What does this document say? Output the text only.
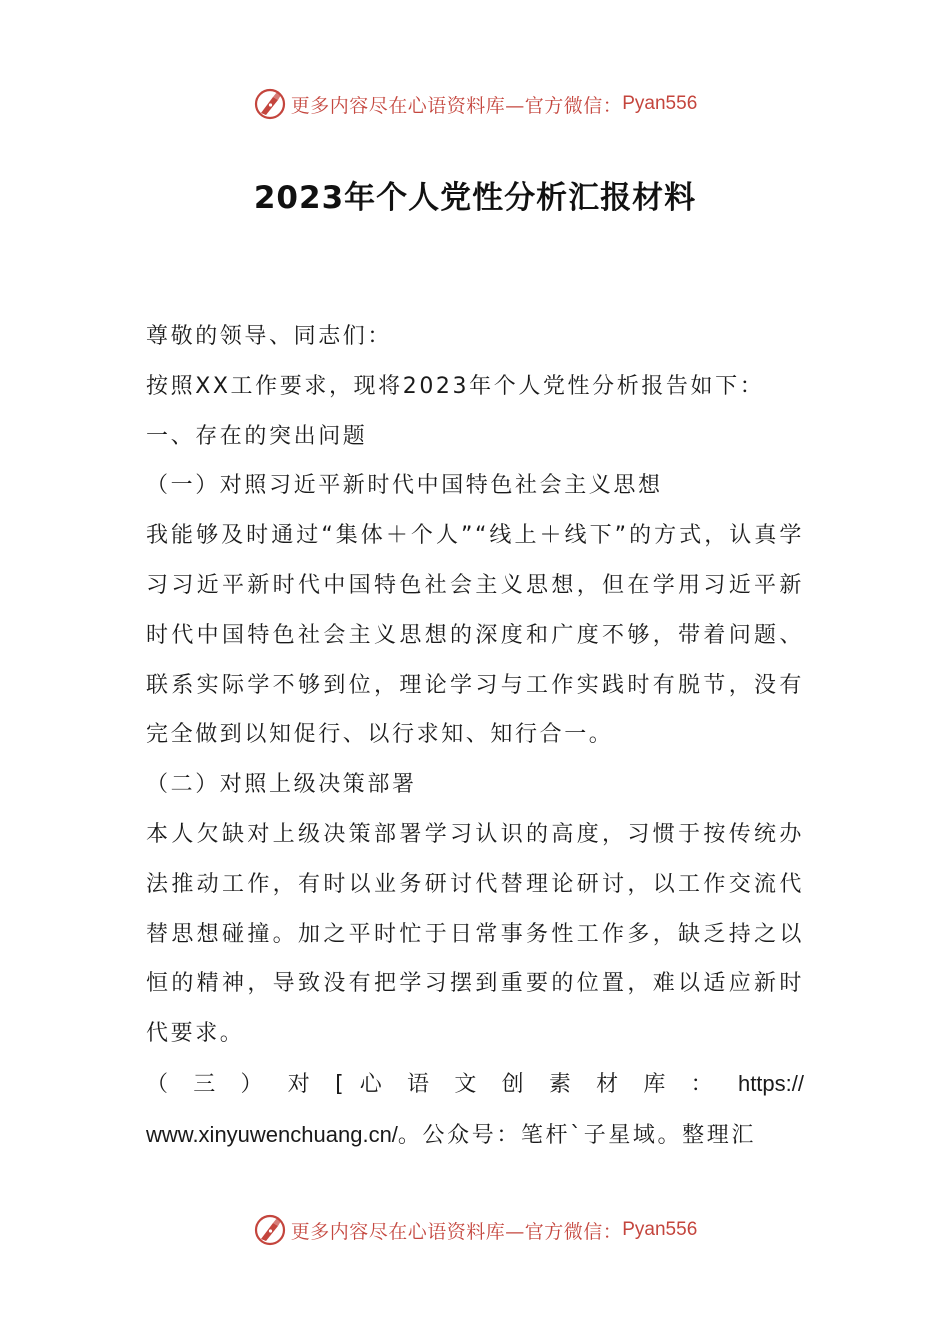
更多内容尽在心语资料库—官方微信： Pyan556
2023年个人党性分析汇报材料

尊敬的领导、同志们：

按照XX工作要求，现将2023年个人党性分析报告如下：

一、存在的突出问题

（一）对照习近平新时代中国特色社会主义思想

我能够及时通过“集体＋个人”“线上＋线下”的方式，认真学习习近平新时代中国特色社会主义思想，但在学用习近平新时代中国特色社会主义思想的深度和广度不够，带着问题、联系实际学不够到位，理论学习与工作实践时有脱节，没有完全做到以知促行、以行求知、知行合一。

（二）对照上级决策部署

本人欠缺对上级决策部署学习认识的高度，习惯于按传统办法推动工作，有时以业务研讨代替理论研讨，以工作交流代替思想碰撞。加之平时忙于日常事务性工作多，缺乏持之以恒的精神，导致没有把学习摆到重要的位置，难以适应新时代要求。

（ 三 ） 对 [ 心 语 文 创 素 材 库 ： https://

www.xinyuwenchuang.cn/。公众号：笔杆`子星域。整理汇

更多内容尽在心语资料库—官方微信： Pyan556
